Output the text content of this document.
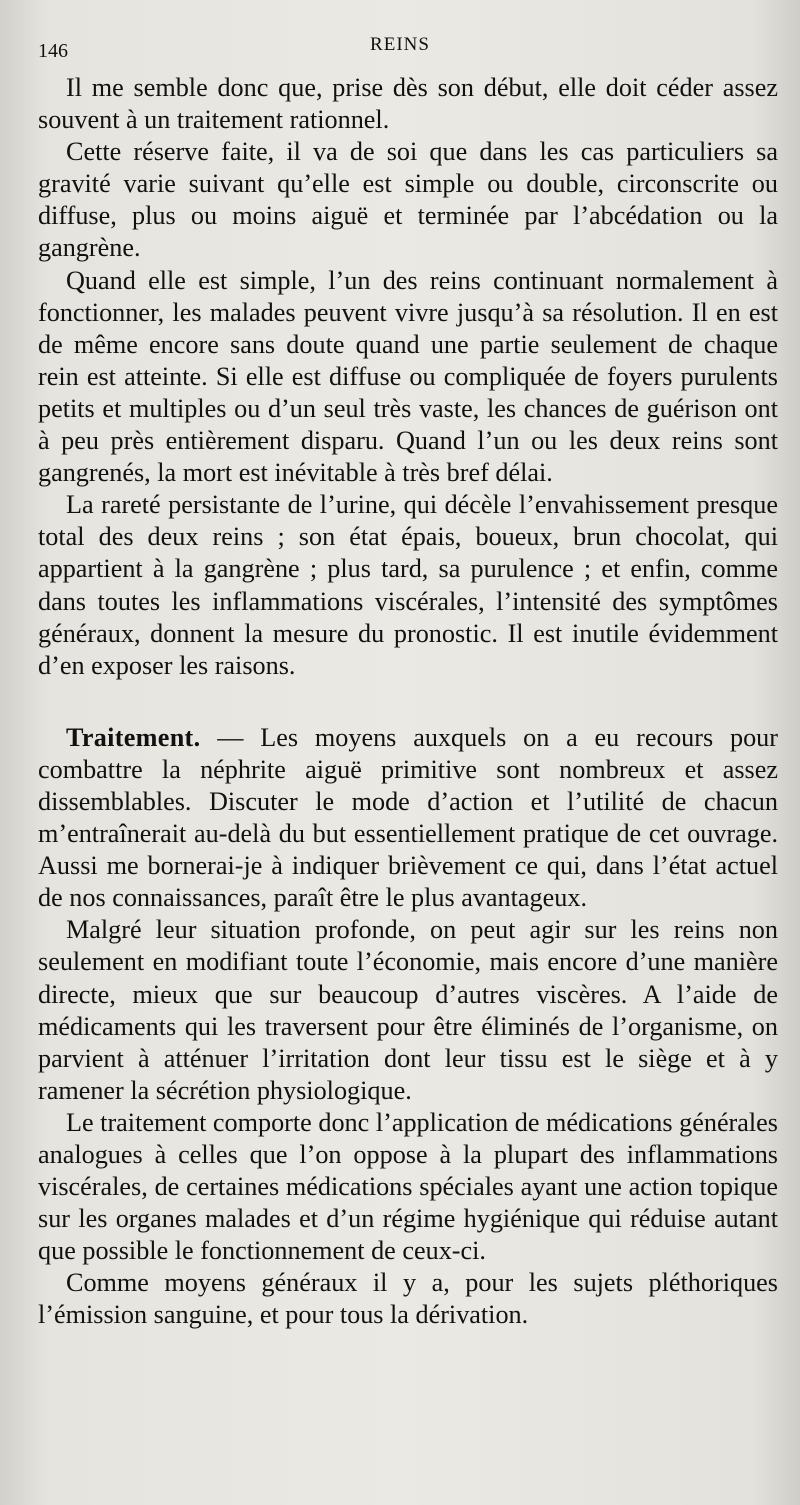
146	REINS

Il me semble donc que, prise dès son début, elle doit céder assez souvent à un traitement rationnel.

Cette réserve faite, il va de soi que dans les cas particuliers sa gravité varie suivant qu’elle est simple ou double, circonscrite ou diffuse, plus ou moins aiguë et terminée par l’abcédation ou la gangrène.

Quand elle est simple, l’un des reins continuant normalement à fonctionner, les malades peuvent vivre jusqu’à sa résolution. Il en est de même encore sans doute quand une partie seulement de chaque rein est atteinte. Si elle est diffuse ou compliquée de foyers purulents petits et multiples ou d’un seul très vaste, les chances de guérison ont à peu près entièrement disparu. Quand l’un ou les deux reins sont gangrenés, la mort est inévitable à très bref délai.

La rareté persistante de l’urine, qui décèle l’envahissement presque total des deux reins ; son état épais, boueux, brun chocolat, qui appartient à la gangrène ; plus tard, sa purulence ; et enfin, comme dans toutes les inflammations viscérales, l’intensité des symptômes généraux, donnent la mesure du pronostic. Il est inutile évidemment d’en exposer les raisons.

Traitement. — Les moyens auxquels on a eu recours pour combattre la néphrite aiguë primitive sont nombreux et assez dissemblables. Discuter le mode d’action et l’utilité de chacun m’entraînerait au-delà du but essentiellement pratique de cet ouvrage. Aussi me bornerai-je à indiquer brièvement ce qui, dans l’état actuel de nos connaissances, paraît être le plus avantageux.

Malgré leur situation profonde, on peut agir sur les reins non seulement en modifiant toute l’économie, mais encore d’une manière directe, mieux que sur beaucoup d’autres viscères. A l’aide de médicaments qui les traversent pour être éliminés de l’organisme, on parvient à atténuer l’irritation dont leur tissu est le siège et à y ramener la sécrétion physiologique.

Le traitement comporte donc l’application de médications générales analogues à celles que l’on oppose à la plupart des inflammations viscérales, de certaines médications spéciales ayant une action topique sur les organes malades et d’un régime hygiénique qui réduise autant que possible le fonctionnement de ceux-ci.

Comme moyens généraux il y a, pour les sujets pléthoriques l’émission sanguine, et pour tous la dérivation.
